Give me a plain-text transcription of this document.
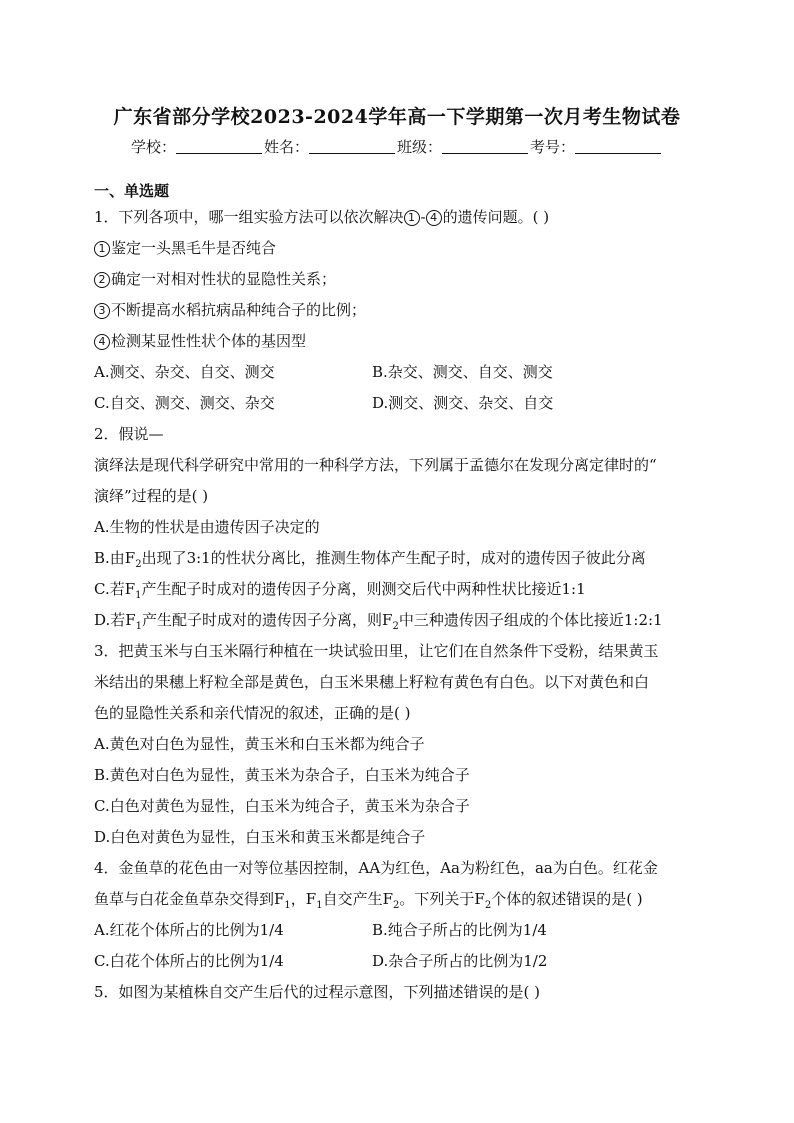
广东省部分学校2023-2024学年高一下学期第一次月考生物试卷
学校：	姓名：	班级：	考号：
一、单选题
1．下列各项中，哪一组实验方法可以依次解决 1 - 4 的遗传问题。( )
1 鉴定一头黑毛牛是否纯合
2 确定一对相对性状的显隐性关系；
3 不断提高水稻抗病品种纯合子的比例；
4 检测某显性性状个体的基因型
A.测交、杂交、自交、测交	B.杂交、测交、自交、测交
C.自交、测交、测交、杂交	D.测交、测交、杂交、自交
2．假说—
演绎法是现代科学研究中常用的一种科学方法，下列属于孟德尔在发现分离定律时的“
演绎”过程的是( )
A.生物的性状是由遗传因子决定的
B.由$F_2$出现了3:1的性状分离比，推测生物体产生配子时，成对的遗传因子彼此分离
C.若$F_1$产生配子时成对的遗传因子分离，则测交后代中两种性状比接近1:1
D.若$F_1$产生配子时成对的遗传因子分离，则$F_2$中三种遗传因子组成的个体比接近1:2:1
3．把黄玉米与白玉米隔行种植在一块试验田里，让它们在自然条件下受粉，结果黄玉
米结出的果穗上籽粒全部是黄色，白玉米果穗上籽粒有黄色有白色。以下对黄色和白
色的显隐性关系和亲代情况的叙述，正确的是( )
A.黄色对白色为显性，黄玉米和白玉米都为纯合子
B.黄色对白色为显性，黄玉米为杂合子，白玉米为纯合子
C.白色对黄色为显性，白玉米为纯合子，黄玉米为杂合子
D.白色对黄色为显性，白玉米和黄玉米都是纯合子
4．金鱼草的花色由一对等位基因控制，AA为红色，Aa为粉红色，aa为白色。红花金
鱼草与白花金鱼草杂交得到$F_1$，$F_1$自交产生$F_2$。下列关于$F_2$个体的叙述错误的是( )
A.红花个体所占的比例为1/4	B.纯合子所占的比例为1/4
C.白花个体所占的比例为1/4	D.杂合子所占的比例为1/2
5．如图为某植株自交产生后代的过程示意图，下列描述错误的是( )
